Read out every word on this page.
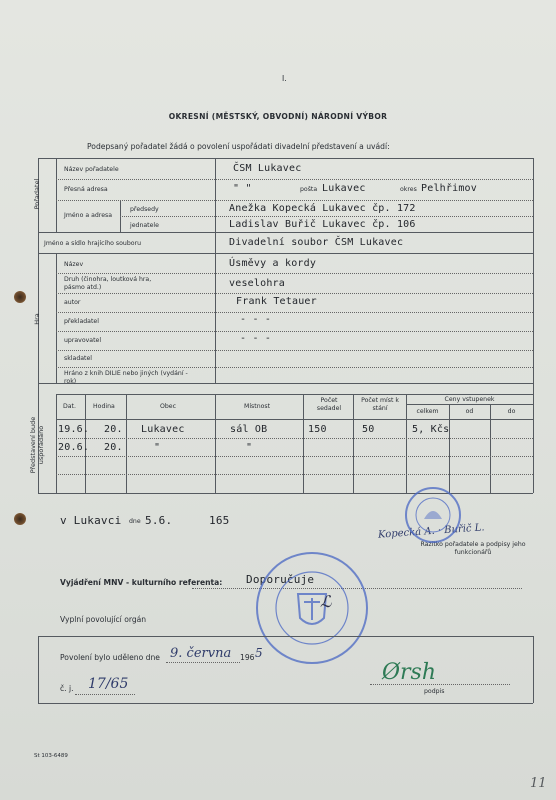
I.
OKRESNÍ (MĚSTSKÝ, OBVODNÍ) NÁRODNÍ VÝBOR
Podepsaný pořadatel žádá o povolení uspořádati divadelní představení a uvádí:
Pořadatel
Hra
Představení bude uspořádáno
Název pořadatele	ČSM Lukavec
Přesná adresa	" "	pošta Lukavec	okres Pelhřimov
Jméno a adresa
předsedy	Anežka Kopecká Lukavec čp. 172
jednatele	Ladislav Buřič Lukavec čp. 106
Jméno a sídlo hrajícího souboru	Divadelní soubor ČSM Lukavec
Název	Úsměvy a kordy
Druh (činohra, loutková hra, pásmo atd.)	veselohra
autor	Frank Tetauer
překladatel	- - -
upravovatel	- - -
skladatel
Hráno z knih DILIE nebo jiných (vydání - rok)
Dat.	Hodina	Obec	Místnost
Počet sedadel
Počet míst k stání
Ceny vstupenek
celkem	od	do
19.6. 20. Lukavec	sál OB	150	50	5, Kčs
20.6. 20.	"	"
v Lukavci dne 5.6.	165
Kopecká A. · Buřič L.
Razítko pořadatele a podpisy jeho funkcionářů
Vyjádření MNV - kulturního referenta: Doporučuje
ℒ
Vyplní povolující orgán
Povolení bylo uděleno dne 9. června 196 5
č. j. 17/65	Ørsh
podpis
St 103-6489
11
